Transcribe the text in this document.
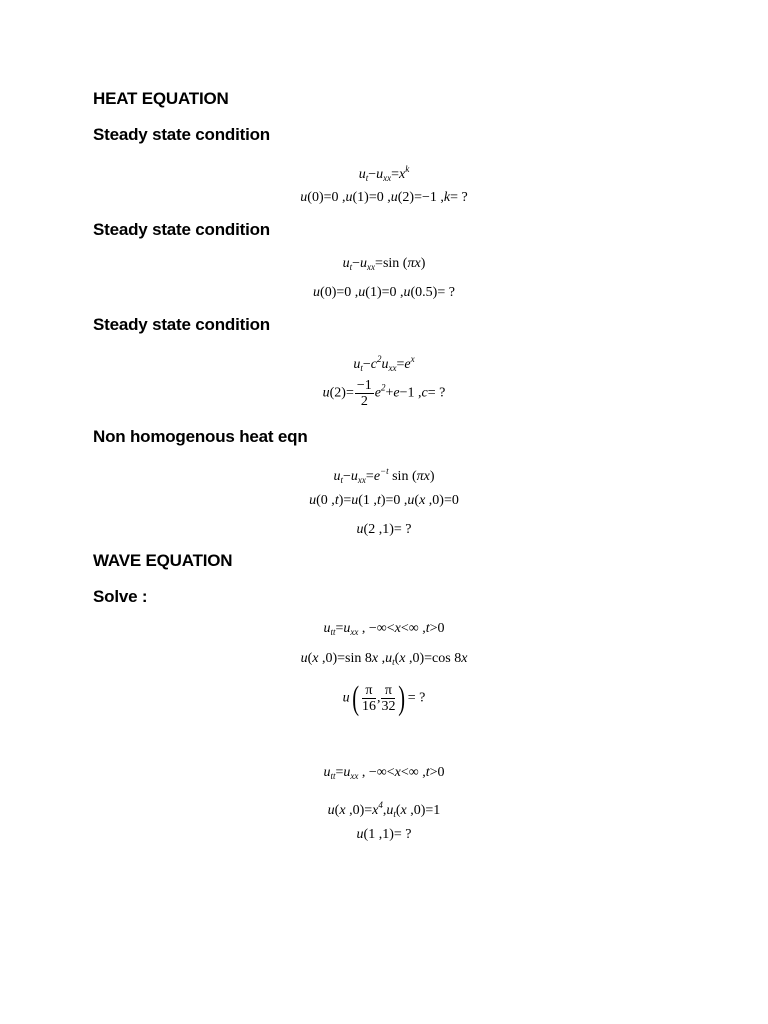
HEAT EQUATION
Steady state condition
$u_t-u_{xx}=x^k$
u(0)=0 ,u(1)=0 ,u(2)=−1 ,k= ?
Steady state condition
$u_t-u_{xx}=\sin$ (πx)
u(0)=0 ,u(1)=0 ,u(0.5)= ?
Steady state condition
$u_t-c^2u_{xx}=e^x$
$u(2)= \frac{-1}{2} e^2+e-1$ ,c= ?
Non homogenous heat eqn
$u_t-u_{xx}=e^{-t}$ sin (πx)
u(0 ,t)=u(1 ,t)=0 ,u(x ,0)=0
u(2 ,1)= ?
WAVE EQUATION
Solve :
$u_{tt}=u_{xx}$ , −∞<x<∞ ,t>0
u(x ,0)=sin 8x $,u_t(x$ ,0)=cos 8x
$u( \frac{\pi}{16}$ , $\frac{\pi}{32}$ ) = ?
$u_{tt}=u_{xx}$ , −∞<x<∞ ,t>0
u(x $,0)=x^4,u_t(x$ ,0)=1
u(1 ,1)= ?
